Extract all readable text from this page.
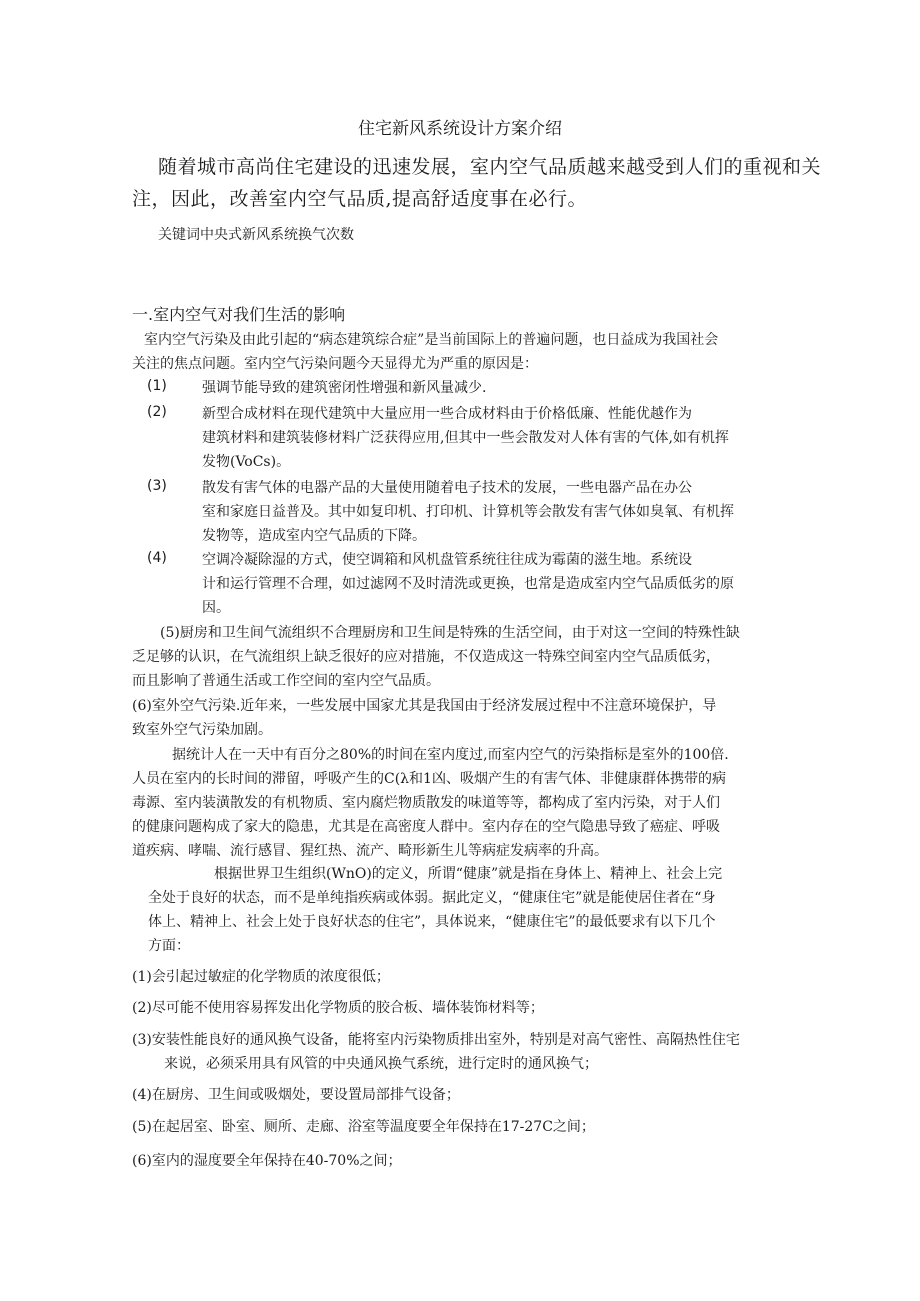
住宅新风系统设计方案介绍
随着城市高尚住宅建设的迅速发展，室内空气品质越来越受到人们的重视和关
注，因此，改善室内空气品质,提高舒适度事在必行。
关键词中央式新风系统换气次数
一.室内空气对我们生活的影响
室内空气污染及由此引起的“病态建筑综合症”是当前国际上的普遍问题，也日益成为我国社会
关注的焦点问题。室内空气污染问题今天显得尤为严重的原因是：
(1)	强调节能导致的建筑密闭性增强和新风量减少.
(2)	新型合成材料在现代建筑中大量应用一些合成材料由于价格低廉、性能优越作为
建筑材料和建筑装修材料广泛获得应用,但其中一些会散发对人体有害的气体,如有机挥
发物(VoCs)。
(3)	散发有害气体的电器产品的大量使用随着电子技术的发展，一些电器产品在办公
室和家庭日益普及。其中如复印机、打印机、计算机等会散发有害气体如臭氧、有机挥
发物等，造成室内空气品质的下降。
(4)	空调冷凝除湿的方式，使空调箱和风机盘管系统往往成为霉菌的滋生地。系统设
计和运行管理不合理，如过滤网不及时清洗或更换，也常是造成室内空气品质低劣的原
因。
(5)厨房和卫生间气流组织不合理厨房和卫生间是特殊的生活空间，由于对这一空间的特殊性缺
乏足够的认识，在气流组织上缺乏很好的应对措施，不仅造成这一特殊空间室内空气品质低劣，
而且影响了普通生活或工作空间的室内空气品质。
(6)室外空气污染.近年来，一些发展中国家尤其是我国由于经济发展过程中不注意环境保护，导
致室外空气污染加剧。
据统计人在一天中有百分之80%的时间在室内度过,而室内空气的污染指标是室外的100倍.
人员在室内的长时间的滞留，呼吸产生的C(λ和1凶、吸烟产生的有害气体、非健康群体携带的病
毒源、室内装潢散发的有机物质、室内腐烂物质散发的味道等等，都构成了室内污染，对于人们
的健康问题构成了家大的隐患，尤其是在高密度人群中。室内存在的空气隐患导致了癌症、呼吸
道疾病、哮喘、流行感冒、猩红热、流产、畸形新生儿等病症发病率的升高。
根据世界卫生组织(WnO)的定义，所谓“健康”就是指在身体上、精神上、社会上完
全处于良好的状态，而不是单纯指疾病或体弱。据此定义，“健康住宅”就是能使居住者在“身
体上、精神上、社会上处于良好状态的住宅”，具体说来，“健康住宅”的最低要求有以下几个
方面：
(1)会引起过敏症的化学物质的浓度很低；
(2)尽可能不使用容易挥发出化学物质的胶合板、墙体装饰材料等；
(3)安装性能良好的通风换气设备，能将室内污染物质排出室外，特别是对高气密性、高隔热性住宅
来说，必须采用具有风管的中央通风换气系统，进行定时的通风换气；
(4)在厨房、卫生间或吸烟处，要设置局部排气设备；
(5)在起居室、卧室、厕所、走廊、浴室等温度要全年保持在17-27C之间；
(6)室内的湿度要全年保持在40-70%之间；
